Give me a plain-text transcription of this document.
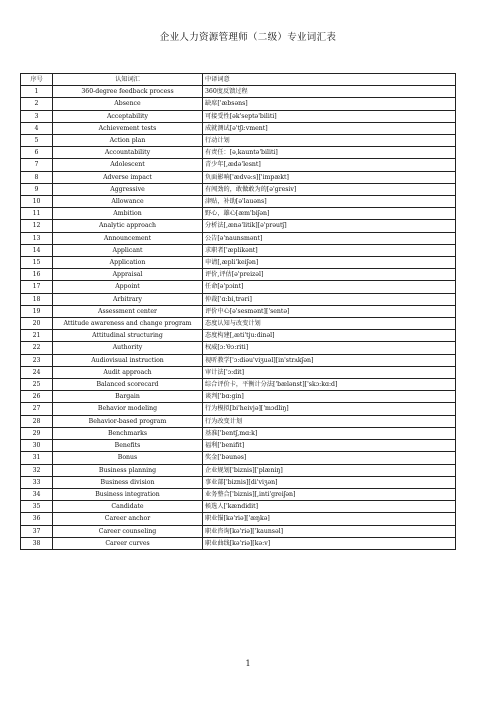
企业人力资源管理师（二级）专业词汇表
序号	认知词汇	中译词意
1	360-degree feedback process	360度反馈过程
2	Absence	缺席['æbsəns]
3	Acceptability	可接受性[ək'septə'biliti]
4	Achievement tests	成就测试[ə'tʃi:vment]
5	Action plan	行动计划
6	Accountability	有责任：[ə,kauntə'biliti]
7	Adolescent	青少年[,ædə'lesnt]
8	Adverse impact	负面影响['ædvə:s]['impækt]
9	Aggressive	有闯劲的，敢做敢为的[ə'gresiv]
10	Allowance	津贴，补助[ə'lauəns]
11	Ambition	野心，雄心[æm'biʃən]
12	Analytic approach	分析法[,ænə'litik][ə'prəutʃ]
13	Announcement	公告[ə'naunsmənt]
14	Applicant	求职者['æplikənt]
15	Application	申请[,æpli'keiʃən]
16	Appraisal	评价,评估[ə'preizəl]
17	Appoint	任命[ə'pɔint]
18	Arbitrary	仲裁['ɑ:bi,trəri]
19	Assessment center	评价中心[ə'sesmənt]['sentə]
20	Attitude awareness and change program	态度认知与改变计划
21	Attitudinal structuring	态度构建[,æti'tju:dinəl]
22	Authority	权威[ɔ:'θɔ:riti]
23	Audiovisual instruction	视听教学['ɔ:diəu'viʒuəl][in'strʌkʃən]
24	Audit approach	审计法['ɔ:dit]
25	Balanced scorecard	综合评价卡，平衡计分法['bælənst]['skɔ:kɑ:d]
26	Bargain	谈判['bɑ:gin]
27	Behavior modeling	行为模拟[bi'heivjə]['mɔdliŋ]
28	Behavior-based program	行为改变计划
29	Benchmarks	基准['bentʃ,mɑ:k]
30	Benefits	福利['benifit]
31	Bonus	奖金['bəunəs]
32	Business planning	企业规划['biznis]['plæniŋ]
33	Business division	事业部['biznis][di'viʒən]
34	Business integration	业务整合['biznis][,inti'greiʃən]
35	Candidate	候选人['kændidit]
36	Career anchor	职业锚[kə'riə]['æŋkə]
37	Career counseling	职业咨询[kə'riə]['kaunsəl]
38	Career curves	职业曲线[kə'riə][kə:v]
1
